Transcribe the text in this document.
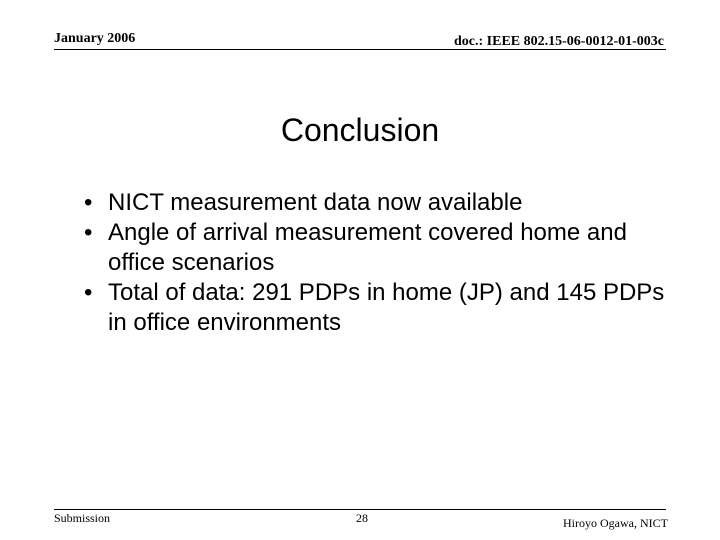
January 2006	doc.: IEEE 802.15-06-0012-01-003c
Conclusion
• NICT measurement data now available
• Angle of arrival measurement covered home and office scenarios
• Total of data: 291 PDPs in home (JP) and 145 PDPs in office environments
Submission	28	Hiroyo Ogawa, NICT
